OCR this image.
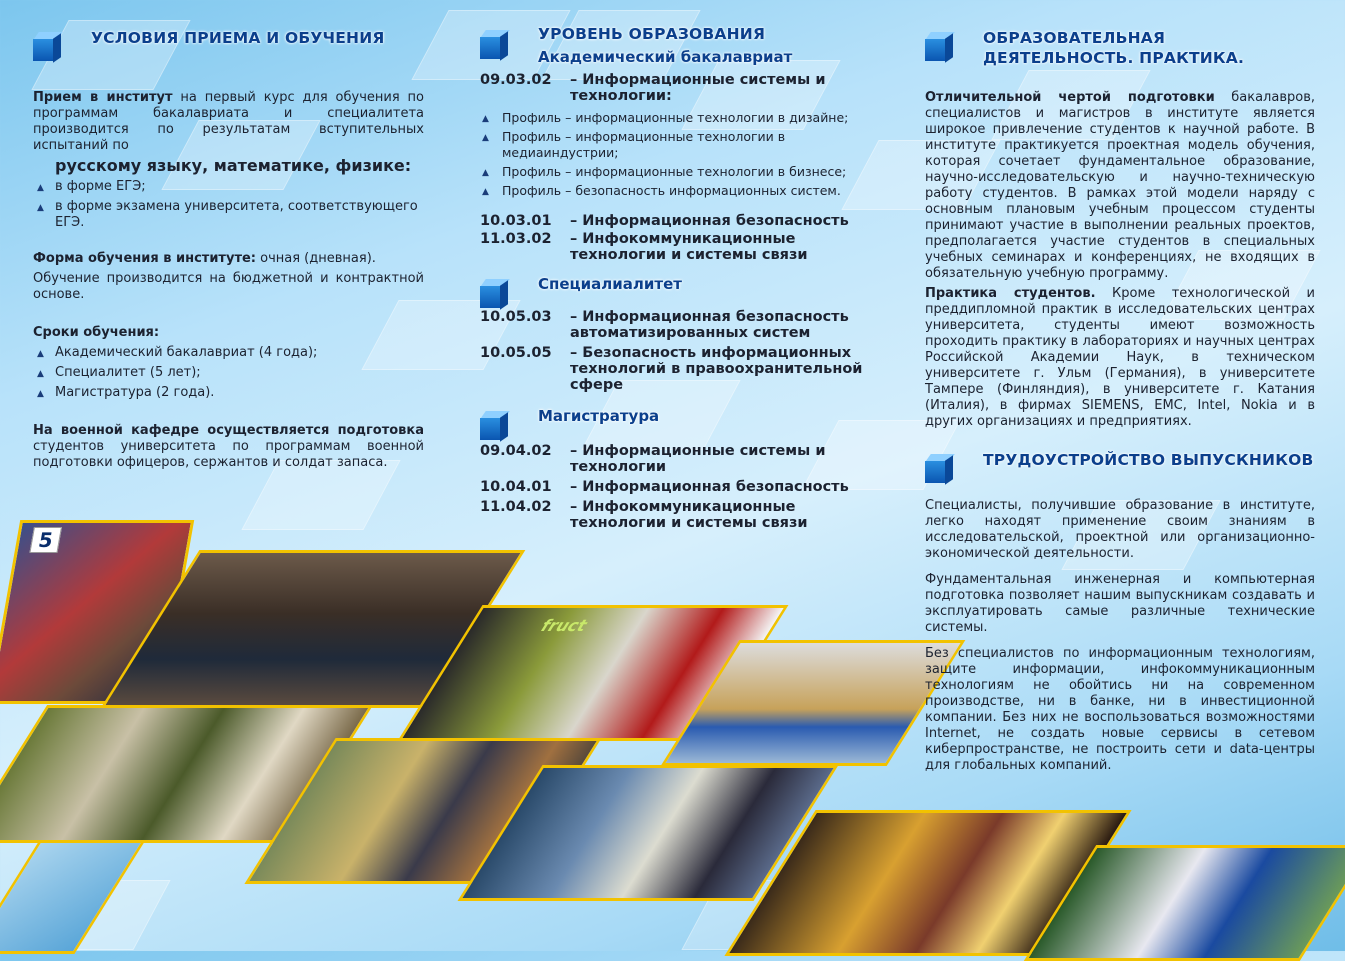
5
fruct
УСЛОВИЯ ПРИЕМА И ОБУЧЕНИЯ

Прием в институт на первый курс для обучения по программам бакалавриата и специалитета производится по результатам вступительных испытаний по

русскому языку, математике, физике:
▲ в форме ЕГЭ;
▲ в форме экзамена университета, соответствующего ЕГЭ.

Форма обучения в институте: очная (дневная).

Обучение производится на бюджетной и контрактной основе.

Сроки обучения:

▲ Академический бакалавриат (4 года);
▲ Специалитет (5 лет);
▲ Магистратура (2 года).

На военной кафедре осуществляется подготовка студентов университета по программам военной подготовки офицеров, сержантов и солдат запаса.

УРОВЕНЬ ОБРАЗОВАНИЯ
Академический бакалавриат
09.03.02	– Информационные системы и технологии:
▲ Профиль – информационные технологии в дизайне;
▲ Профиль – информационные технологии в медиаиндустрии;
▲ Профиль – информационные технологии в бизнесе;
▲ Профиль – безопасность информационных систем.
10.03.01	– Информационная безопасность
11.03.02	– Инфокоммуникационные технологии и системы связи
Специалиалитет
10.05.03	– Информационная безопасность автоматизированных систем
10.05.05	– Безопасность информационных технологий в правоохранительной сфере
Магистратура
09.04.02	– Информационные системы и технологии
10.04.01	– Информационная безопасность
11.04.02	– Инфокоммуникационные технологии и системы связи
ОБРАЗОВАТЕЛЬНАЯ ДЕЯТЕЛЬНОСТЬ. ПРАКТИКА.

Отличительной чертой подготовки бакалавров, специалистов и магистров в институте является широкое привлечение студентов к научной работе. В институте практикуется проектная модель обучения, которая сочетает фундаментальное образование, научно-исследовательскую и научно-техническую работу студентов. В рамках этой модели наряду с основным плановым учебным процессом студенты принимают участие в выполнении реальных проектов, предполагается участие студентов в специальных учебных семинарах и конференциях, не входящих в обязательную учебную программу.

Практика студентов. Кроме технологической и преддипломной практик в исследовательских центрах университета, студенты имеют возможность проходить практику в лабораториях и научных центрах Российской Академии Наук, в техническом университете г. Ульм (Германия), в университете Тампере (Финляндия), в университете г. Катания (Италия), в фирмах SIEMENS, EMC, Intel, Nokia и в других организациях и предприятиях.

ТРУДОУСТРОЙСТВО ВЫПУСКНИКОВ

Специалисты, получившие образование в институте, легко находят применение своим знаниям в исследовательской, проектной или организационно-экономической деятельности.

Фундаментальная инженерная и компьютерная подготовка позволяет нашим выпускникам создавать и эксплуатировать самые различные технические системы.

Без специалистов по информационным технологиям, защите информации, инфокоммуникационным технологиям не обойтись ни на современном производстве, ни в банке, ни в инвестиционной компании. Без них не воспользоваться возможностями Internet, не создать новые сервисы в сетевом киберпространстве, не построить сети и data-центры для глобальных компаний.
